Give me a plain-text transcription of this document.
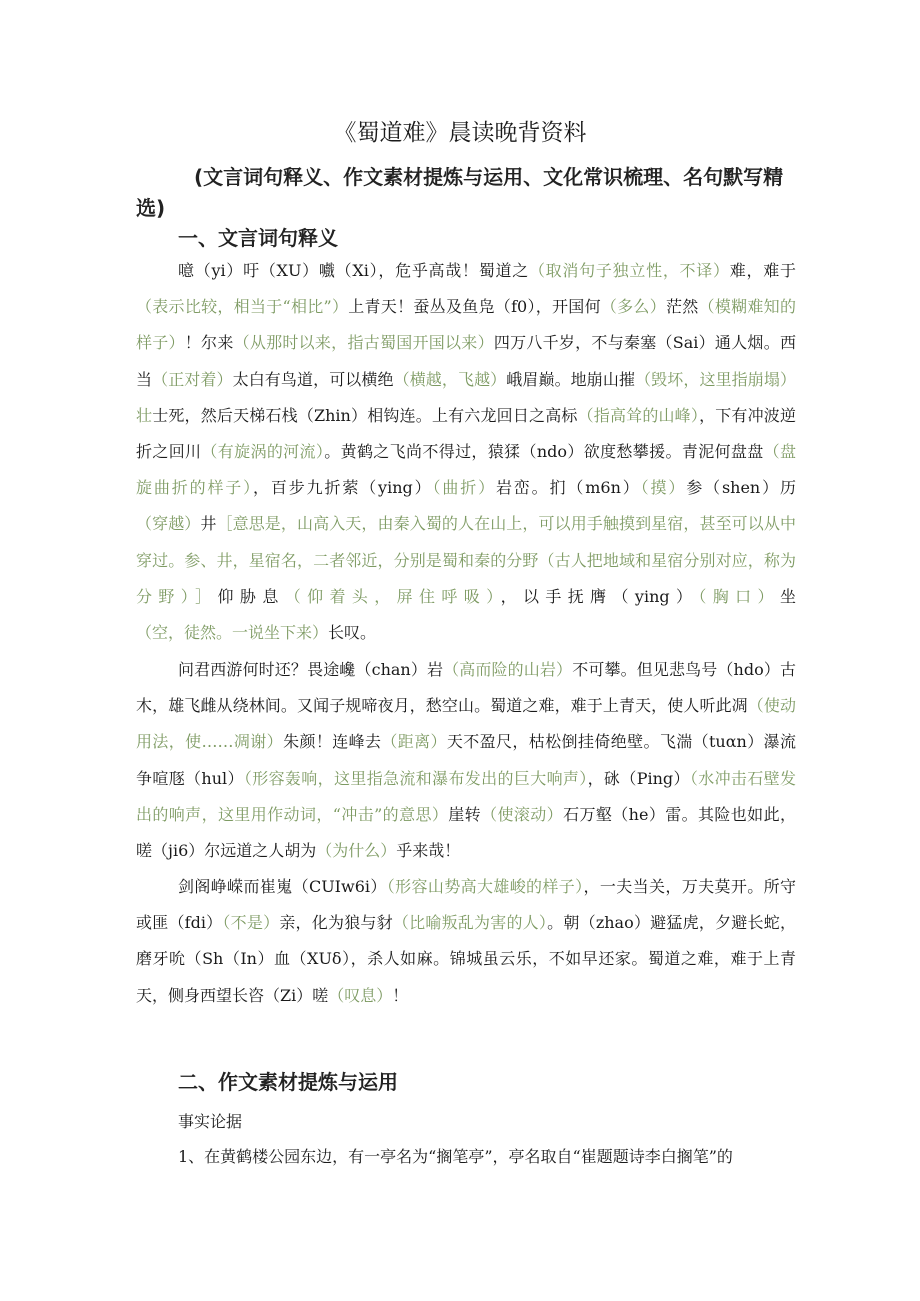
《蜀道难》晨读晚背资料
(文言词句释义、作文素材提炼与运用、文化常识梳理、名句默写精选)
一、文言词句释义
噫（yi）吁（XU）嚱（Xi），危乎高哉！蜀道之（取消句子独立性，不译）难，难于（表示比较，相当于“相比”）上青天！蚕丛及鱼凫（f0），开国何（多么）茫然（模糊难知的样子）！尔来（从那时以来，指古蜀国开国以来）四万八千岁，不与秦塞（Sai）通人烟。西当（正对着）太白有鸟道，可以横绝（横越，飞越）峨眉巅。地崩山摧（毁坏，这里指崩塌）壮士死，然后天梯石栈（Zhin）相钩连。上有六龙回日之高标（指高耸的山峰），下有冲波逆折之回川（有旋涡的河流）。黄鹤之飞尚不得过，猿猱（ndo）欲度愁攀援。青泥何盘盘（盘旋曲折的样子），百步九折萦（ying）（曲折）岩峦。扪（m6n）（摸）参（shen）历（穿越）井［意思是，山高入天，由秦入蜀的人在山上，可以用手触摸到星宿，甚至可以从中穿过。参、井，星宿名，二者邻近，分别是蜀和秦的分野（古人把地域和星宿分别对应，称为分野）］仰胁息（仰着头，屏住呼吸），以手抚膺（ying）（胸口）坐（空，徒然。一说坐下来）长叹。
问君西游何时还？畏途巉（chan）岩（高而险的山岩）不可攀。但见悲鸟号（hdo）古木，雄飞雌从绕林间。又闻子规啼夜月，愁空山。蜀道之难，难于上青天，使人听此凋（使动用法，使……凋谢）朱颜！连峰去（距离）天不盈尺，枯松倒挂倚绝壁。飞湍（tuαn）瀑流争喧豗（hul）（形容轰响，这里指急流和瀑布发出的巨大响声），砯（Ping）（水冲击石壁发出的响声，这里用作动词，“冲击”的意思）崖转（使滚动）石万壑（he）雷。其险也如此，嗟（ji6）尔远道之人胡为（为什么）乎来哉！
剑阁峥嵘而崔嵬（CUIw6i）（形容山势高大雄峻的样子），一夫当关，万夫莫开。所守或匪（fdi）（不是）亲，化为狼与豺（比喻叛乱为害的人）。朝（zhao）避猛虎，夕避长蛇，磨牙吮（Sh（In）血（XUδ），杀人如麻。锦城虽云乐，不如早还家。蜀道之难，难于上青天，侧身西望长咨（Zi）嗟（叹息）！
二、作文素材提炼与运用
事实论据
1、在黄鹤楼公园东边，有一亭名为“搁笔亭”，亭名取自“崔题题诗李白搁笔”的
